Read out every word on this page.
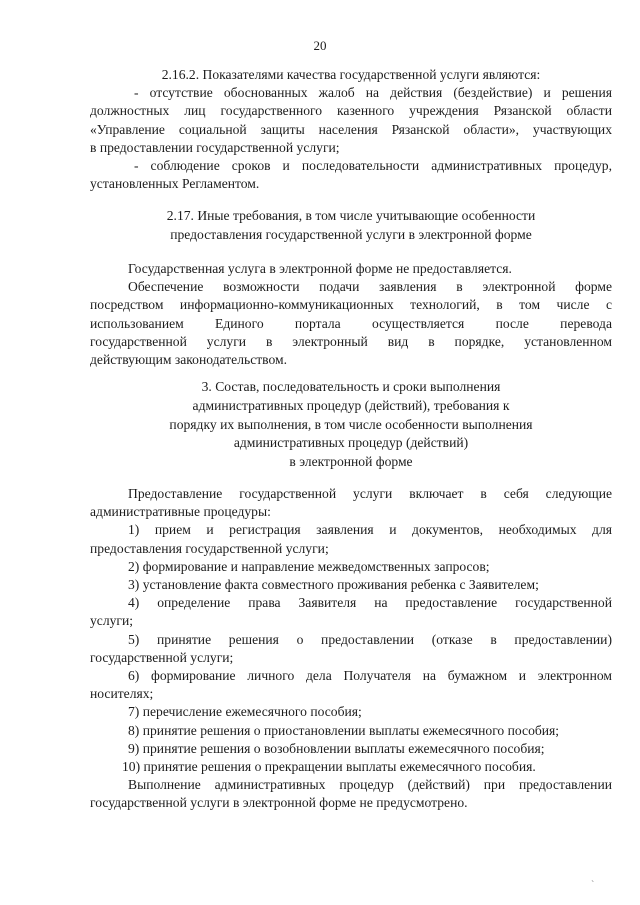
20
2.16.2. Показателями качества государственной услуги являются:
- отсутствие обоснованных жалоб на действия (бездействие) и решения
должностных лиц государственного казенного учреждения Рязанской области
«Управление социальной защиты населения Рязанской области», участвующих
в предоставлении государственной услуги;
- соблюдение сроков и последовательности административных процедур,
установленных Регламентом.
2.17. Иные требования, в том числе учитывающие особенности
предоставления государственной услуги в электронной форме
Государственная услуга в электронной форме не предоставляется.
Обеспечение возможности подачи заявления в электронной форме
посредством информационно-коммуникационных технологий, в том числе с
использованием    Единого    портала    осуществляется    после    перевода
государственной услуги в электронный вид в порядке, установленном
действующим законодательством.
3. Состав, последовательность и сроки выполнения
административных процедур (действий), требования к
порядку их выполнения, в том числе особенности выполнения
административных процедур (действий)
в электронной форме
Предоставление государственной услуги включает в себя следующие
административные процедуры:
1) прием и регистрация заявления и документов, необходимых для
предоставления государственной услуги;
2) формирование и направление межведомственных запросов;
3) установление факта совместного проживания ребенка с Заявителем;
4) определение права Заявителя на предоставление государственной
услуги;
5) принятие решения о предоставлении (отказе в предоставлении)
государственной услуги;
6) формирование личного дела Получателя на бумажном и электронном
носителях;
7) перечисление ежемесячного пособия;
8) принятие решения о приостановлении выплаты ежемесячного пособия;
9) принятие решения о возобновлении выплаты ежемесячного пособия;
10) принятие решения о прекращении выплаты ежемесячного пособия.
Выполнение административных процедур (действий) при предоставлении
государственной услуги в электронной форме не предусмотрено.
`
